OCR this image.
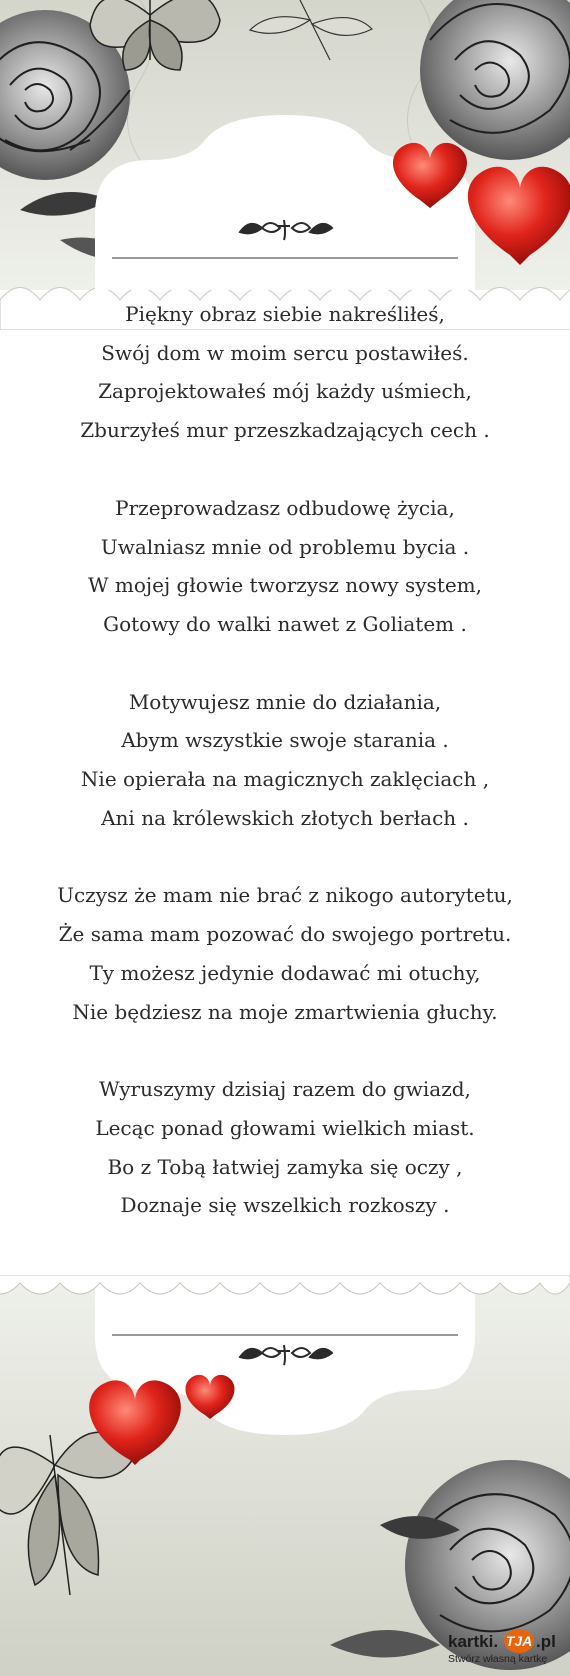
Piękny obraz siebie nakreśliłeś,
Swój dom w moim sercu postawiłeś.
Zaprojektowałeś mój każdy uśmiech,
Zburzyłeś mur przeszkadzających cech .
Przeprowadzasz odbudowę życia,
Uwalniasz mnie od problemu bycia .
W mojej głowie tworzysz nowy system,
Gotowy do walki nawet z Goliatem .
Motywujesz mnie do działania,
Abym wszystkie swoje starania .
Nie opierała na magicznych zaklęciach ,
Ani na królewskich złotych berłach .
Uczysz że mam nie brać z nikogo autorytetu,
Że sama mam pozować do swojego portretu.
Ty możesz jedynie dodawać mi otuchy,
Nie będziesz na moje zmartwienia głuchy.
Wyruszymy dzisiaj razem do gwiazd,
Lecąc ponad głowami wielkich miast.
Bo z Tobą łatwiej zamyka się oczy ,
Doznaje się wszelkich rozkoszy .
kartki. TJA .pl
Stwórz własną kartkę
